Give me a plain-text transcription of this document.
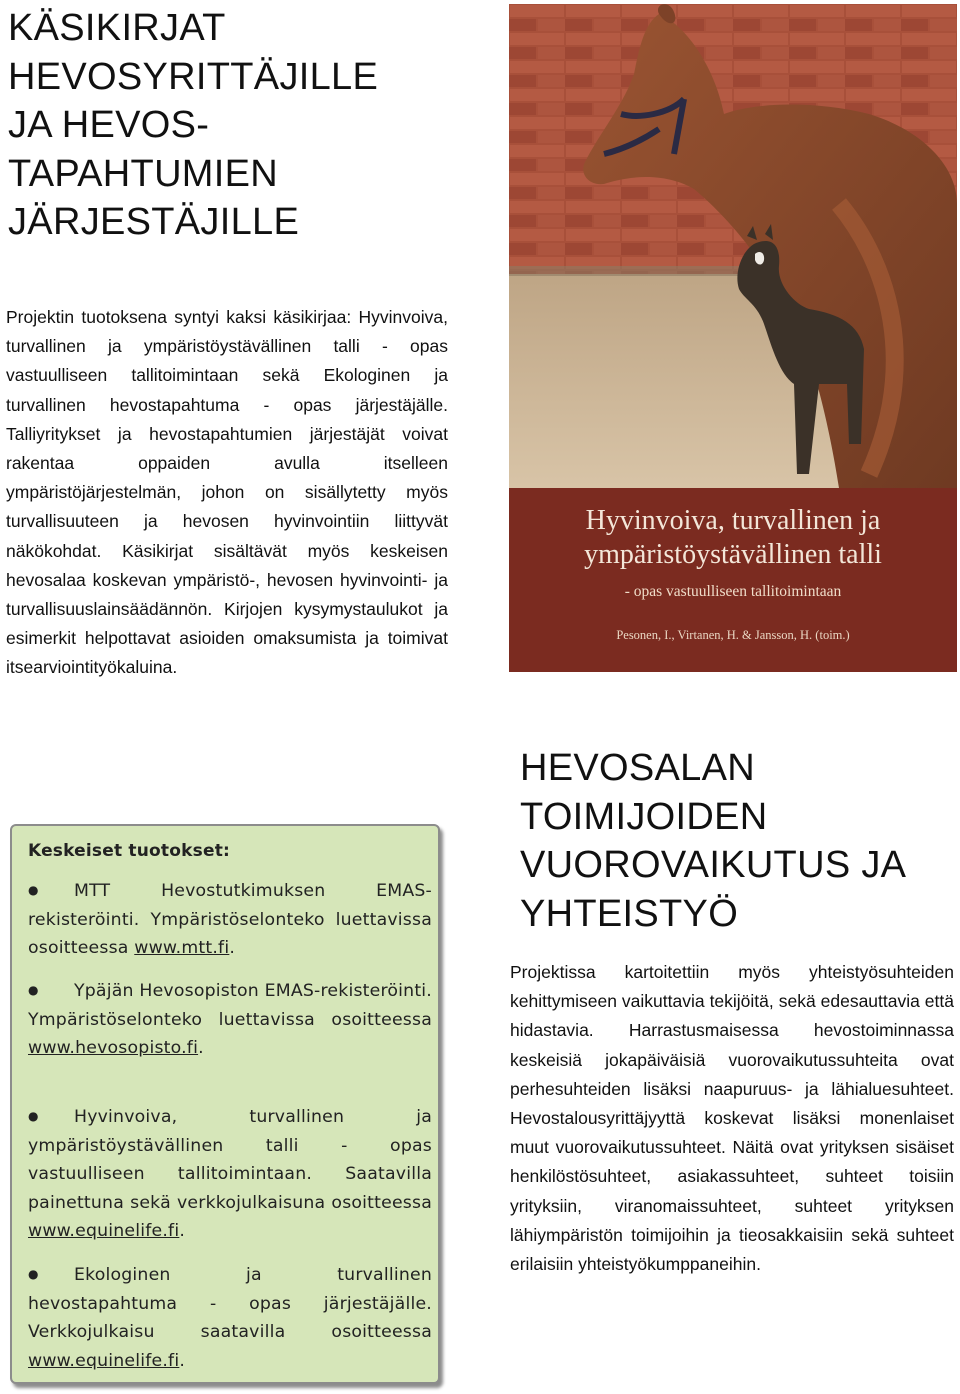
KÄSIKIRJAT
HEVOSYRITTÄJILLE
JA HEVOS-
TAPAHTUMIEN
JÄRJESTÄJILLE

Projektin tuotoksena syntyi kaksi käsikirjaa: Hyvinvoiva, turvallinen ja ympäristöystävällinen talli - opas vastuulliseen tallitoimintaan sekä Ekologinen ja turvallinen hevostapahtuma - opas järjestäjälle. Talliyritykset ja hevostapahtumien järjestäjät voivat rakentaa oppaiden avulla itselleen ympäristöjärjestelmän, johon on sisällytetty myös turvallisuuteen ja hevosen hyvinvointiin liittyvät näkökohdat. Käsikirjat sisältävät myös keskeisen hevosalaa koskevan ympäristö-, hevosen hyvinvointi- ja turvallisuuslainsäädännön. Kirjojen kysymystaulukot ja esimerkit helpottavat asioiden omaksumista ja toimivat itsearviointityökaluina.

Hyvinvoiva, turvallinen ja

ympäristöystävällinen talli

- opas vastuulliseen tallitoimintaan

Pesonen, I., Virtanen, H. & Jansson, H. (toim.)

Keskeiset tuotokset:

● MTT Hevostutkimuksen EMAS-rekisteröinti. Ympäristöselonteko luettavissa osoitteessa www.mtt.fi.

● Ypäjän Hevosopiston EMAS-rekisteröinti. Ympäristöselonteko luettavissa osoitteessa www.hevosopisto.fi.

● Hyvinvoiva, turvallinen ja ympäristöystävällinen talli - opas vastuulliseen tallitoimintaan. Saatavilla painettuna sekä verkkojulkaisuna osoitteessa www.equinelife.fi.

● Ekologinen ja turvallinen hevostapahtuma - opas järjestäjälle. Verkkojulkaisu saatavilla osoitteessa www.equinelife.fi.

HEVOSALAN
TOIMIJOIDEN
VUOROVAIKUTUS JA
YHTEISTYÖ

Projektissa kartoitettiin myös yhteistyösuhteiden kehittymiseen vaikuttavia tekijöitä, sekä edesauttavia että hidastavia. Harrastusmaisessa hevostoiminnassa keskeisiä jokapäiväisiä vuorovaikutussuhteita ovat perhesuhteiden lisäksi naapuruus- ja lähialuesuhteet. Hevostalousyrittäjyyttä koskevat lisäksi monenlaiset muut vuorovaikutussuhteet. Näitä ovat yrityksen sisäiset henkilöstösuhteet, asiakassuhteet, suhteet toisiin yrityksiin, viranomaissuhteet, suhteet yrityksen lähiympäristön toimijoihin ja tieosakkaisiin sekä suhteet erilaisiin yhteistyökumppaneihin.
